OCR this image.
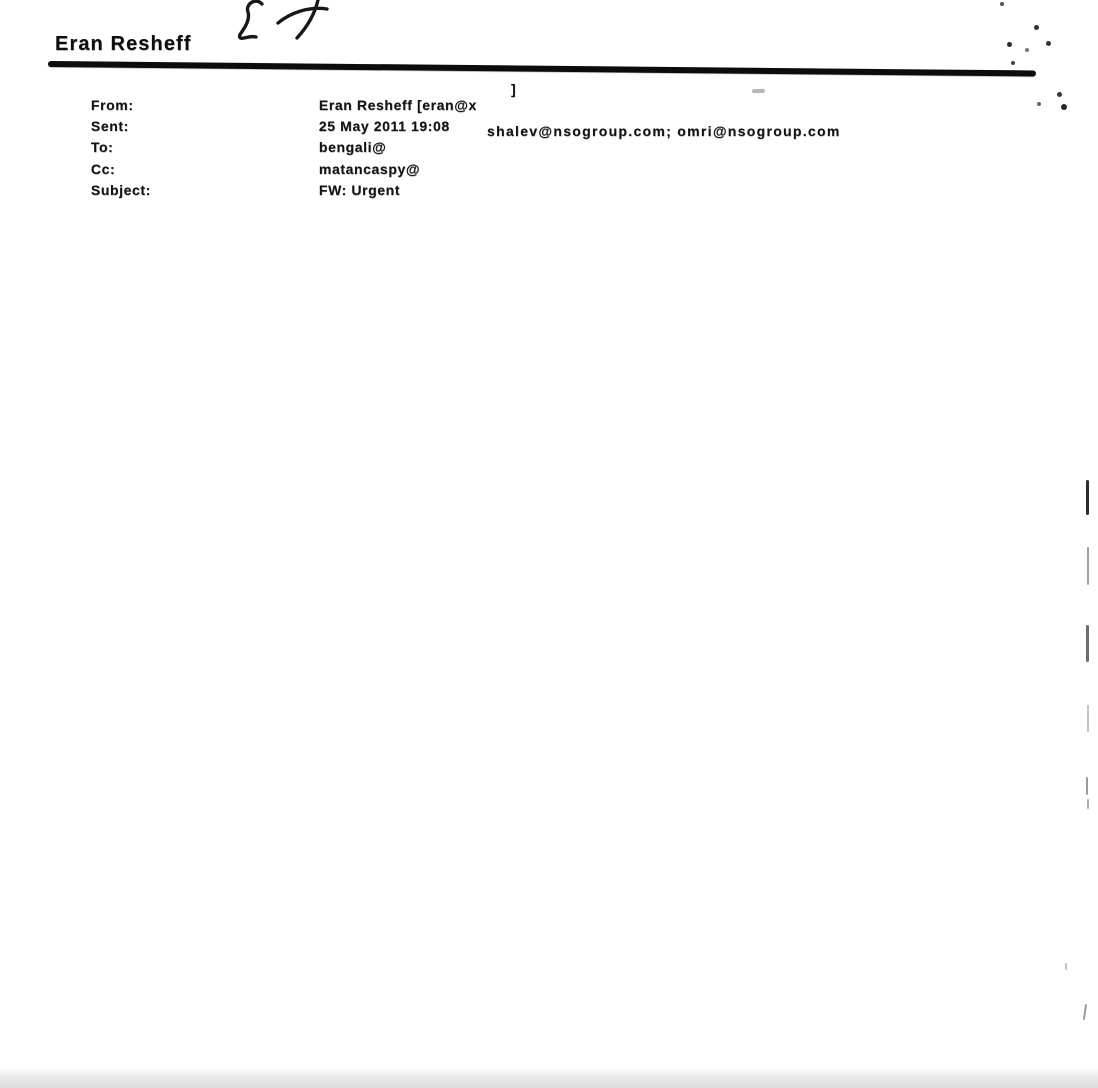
Eran Resheff

From:	Eran Resheff [eran@x

]

Sent:	25 May 2011 19:08

To:	bengali@

shalev@nsogroup.com; omri@nsogroup.com

Cc:	matancaspy@

Subject:	FW: Urgent
